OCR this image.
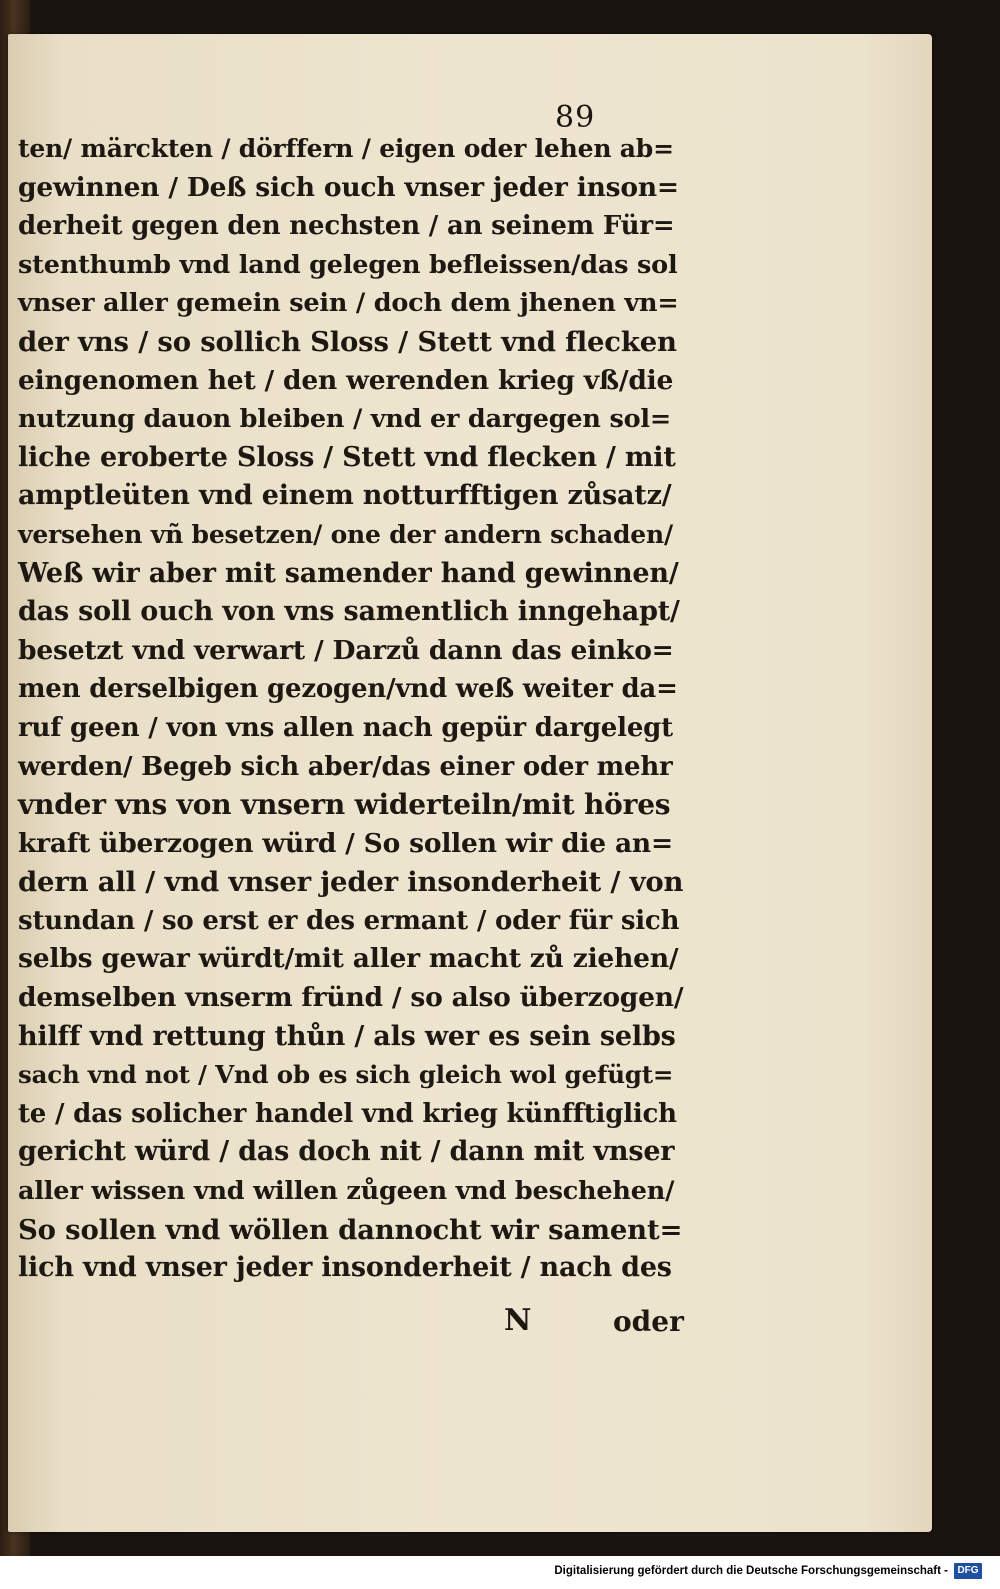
89
ten/ märckten / dörffern / eigen oder lehen ab=
gewinnen / Deß sich ouch vnser jeder inson=
derheit gegen den nechsten / an seinem Für=
stenthumb vnd land gelegen befleissen/das sol
vnser aller gemein sein / doch dem jhenen vn=
der vns / so sollich Sloss / Stett vnd flecken
eingenomen het / den werenden krieg vß/die
nutzung dauon bleiben / vnd er dargegen sol=
liche eroberte Sloss / Stett vnd flecken / mit
amptleüten vnd einem notturfftigen zůsatz/
versehen vñ besetzen/ one der andern schaden/
Weß wir aber mit samender hand gewinnen/
das soll ouch von vns samentlich inngehapt/
besetzt vnd verwart / Darzů dann das einko=
men derselbigen gezogen/vnd weß weiter da=
ruf geen / von vns allen nach gepür dargelegt
werden/ Begeb sich aber/das einer oder mehr
vnder vns von vnsern widerteiln/mit höres
kraft überzogen würd / So sollen wir die an=
dern all / vnd vnser jeder insonderheit / von
stundan / so erst er des ermant / oder für sich
selbs gewar würdt/mit aller macht zů ziehen/
demselben vnserm fründ / so also überzogen/
hilff vnd rettung thůn / als wer es sein selbs
sach vnd not / Vnd ob es sich gleich wol gefügt=
te / das solicher handel vnd krieg künfftiglich
gericht würd / das doch nit / dann mit vnser
aller wissen vnd willen zůgeen vnd beschehen/
So sollen vnd wöllen dannocht wir sament=
lich vnd vnser jeder insonderheit / nach des
N	oder
Digitalisierung gefördert durch die Deutsche Forschungsgemeinschaft - DFG
